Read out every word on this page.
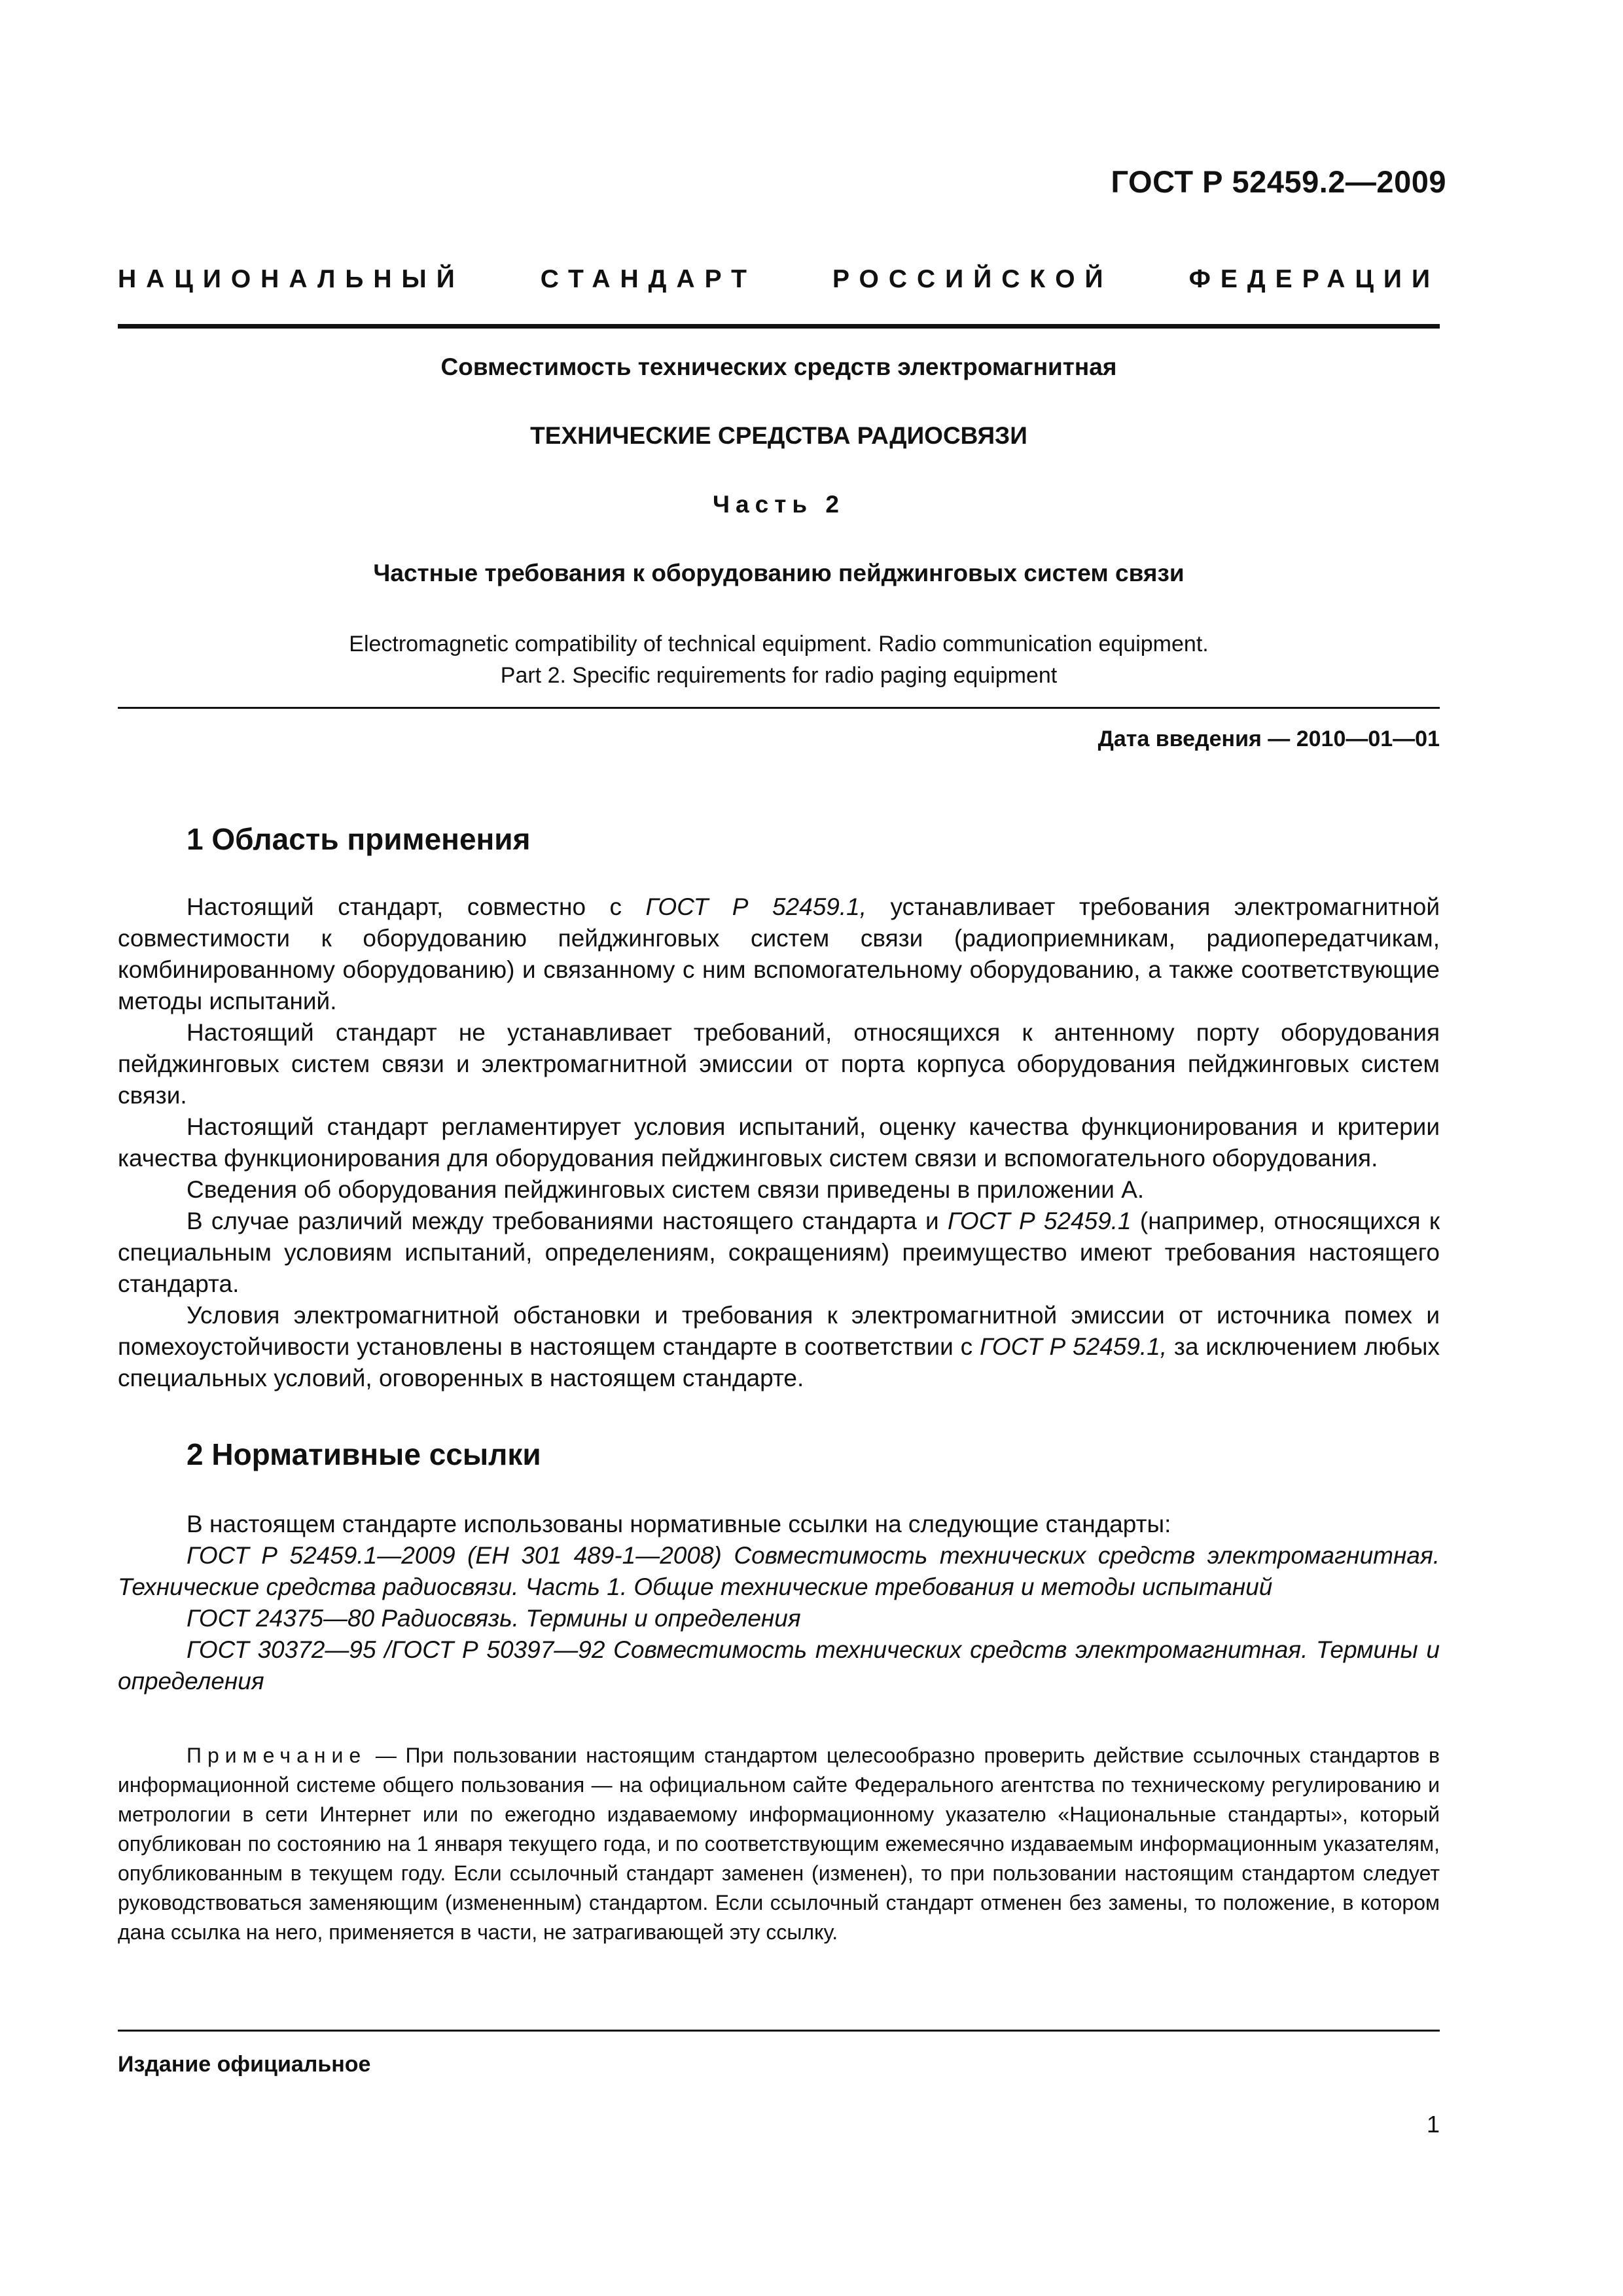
ГОСТ Р 52459.2—2009
НАЦИОНАЛЬНЫЙ	СТАНДАРТ	РОССИЙСКОЙ	ФЕДЕРАЦИИ
Совместимость технических средств электромагнитная
ТЕХНИЧЕСКИЕ СРЕДСТВА РАДИОСВЯЗИ
Часть 2
Частные требования к оборудованию пейджинговых систем связи
Electromagnetic compatibility of technical equipment. Radio communication equipment.
Part 2. Specific requirements for radio paging equipment
Дата введения — 2010—01—01
1 Область применения

Настоящий стандарт, совместно с ГОСТ Р 52459.1, устанавливает требования электромагнитной совместимости к оборудованию пейджинговых систем связи (радиоприемникам, радиопередатчикам, комбинированному оборудованию) и связанному с ним вспомогательному оборудованию, а также соответствующие методы испытаний.

Настоящий стандарт не устанавливает требований, относящихся к антенному порту оборудования пейджинговых систем связи и электромагнитной эмиссии от порта корпуса оборудования пейджинговых систем связи.

Настоящий стандарт регламентирует условия испытаний, оценку качества функционирования и критерии качества функционирования для оборудования пейджинговых систем связи и вспомогательного оборудования.

Сведения об оборудования пейджинговых систем связи приведены в приложении А.

В случае различий между требованиями настоящего стандарта и ГОСТ Р 52459.1 (например, относящихся к специальным условиям испытаний, определениям, сокращениям) преимущество имеют требования настоящего стандарта.

Условия электромагнитной обстановки и требования к электромагнитной эмиссии от источника помех и помехоустойчивости установлены в настоящем стандарте в соответствии с ГОСТ Р 52459.1, за исключением любых специальных условий, оговоренных в настоящем стандарте.

2 Нормативные ссылки

В настоящем стандарте использованы нормативные ссылки на следующие стандарты:

ГОСТ Р 52459.1—2009 (ЕН 301 489-1—2008) Совместимость технических средств электромагнитная. Технические средства радиосвязи. Часть 1. Общие технические требования и методы испытаний

ГОСТ 24375—80 Радиосвязь. Термины и определения

ГОСТ 30372—95 /ГОСТ Р 50397—92 Совместимость технических средств электромагнитная. Термины и определения

Примечание — При пользовании настоящим стандартом целесообразно проверить действие ссылочных стандартов в информационной системе общего пользования — на официальном сайте Федерального агентства по техническому регулированию и метрологии в сети Интернет или по ежегодно издаваемому информационному указателю «Национальные стандарты», который опубликован по состоянию на 1 января текущего года, и по соответствующим ежемесячно издаваемым информационным указателям, опубликованным в текущем году. Если ссылочный стандарт заменен (изменен), то при пользовании настоящим стандартом следует руководствоваться заменяющим (измененным) стандартом. Если ссылочный стандарт отменен без замены, то положение, в котором дана ссылка на него, применяется в части, не затрагивающей эту ссылку.
Издание официальное
1
